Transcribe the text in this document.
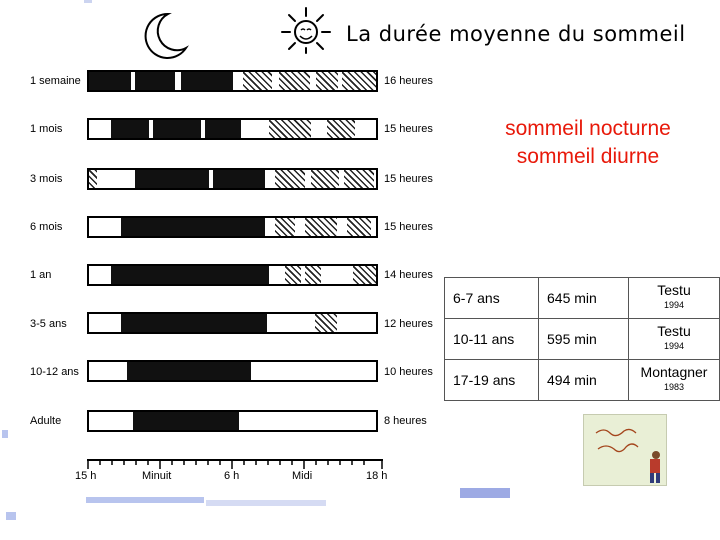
La durée moyenne du sommeil
sommeil nocturne
sommeil diurne
1 semaine	16 heures
1 mois	15 heures
3 mois	15 heures
6 mois	15 heures
1 an	14 heures
3-5 ans	12 heures
10-12 ans	10 heures
Adulte	8 heures
15 h	Minuit	6 h	Midi	18 h
6-7 ans	645 min	Testu
1994

10-11 ans	595 min	Testu
1994

17-19 ans	494 min	Montagner
1983
